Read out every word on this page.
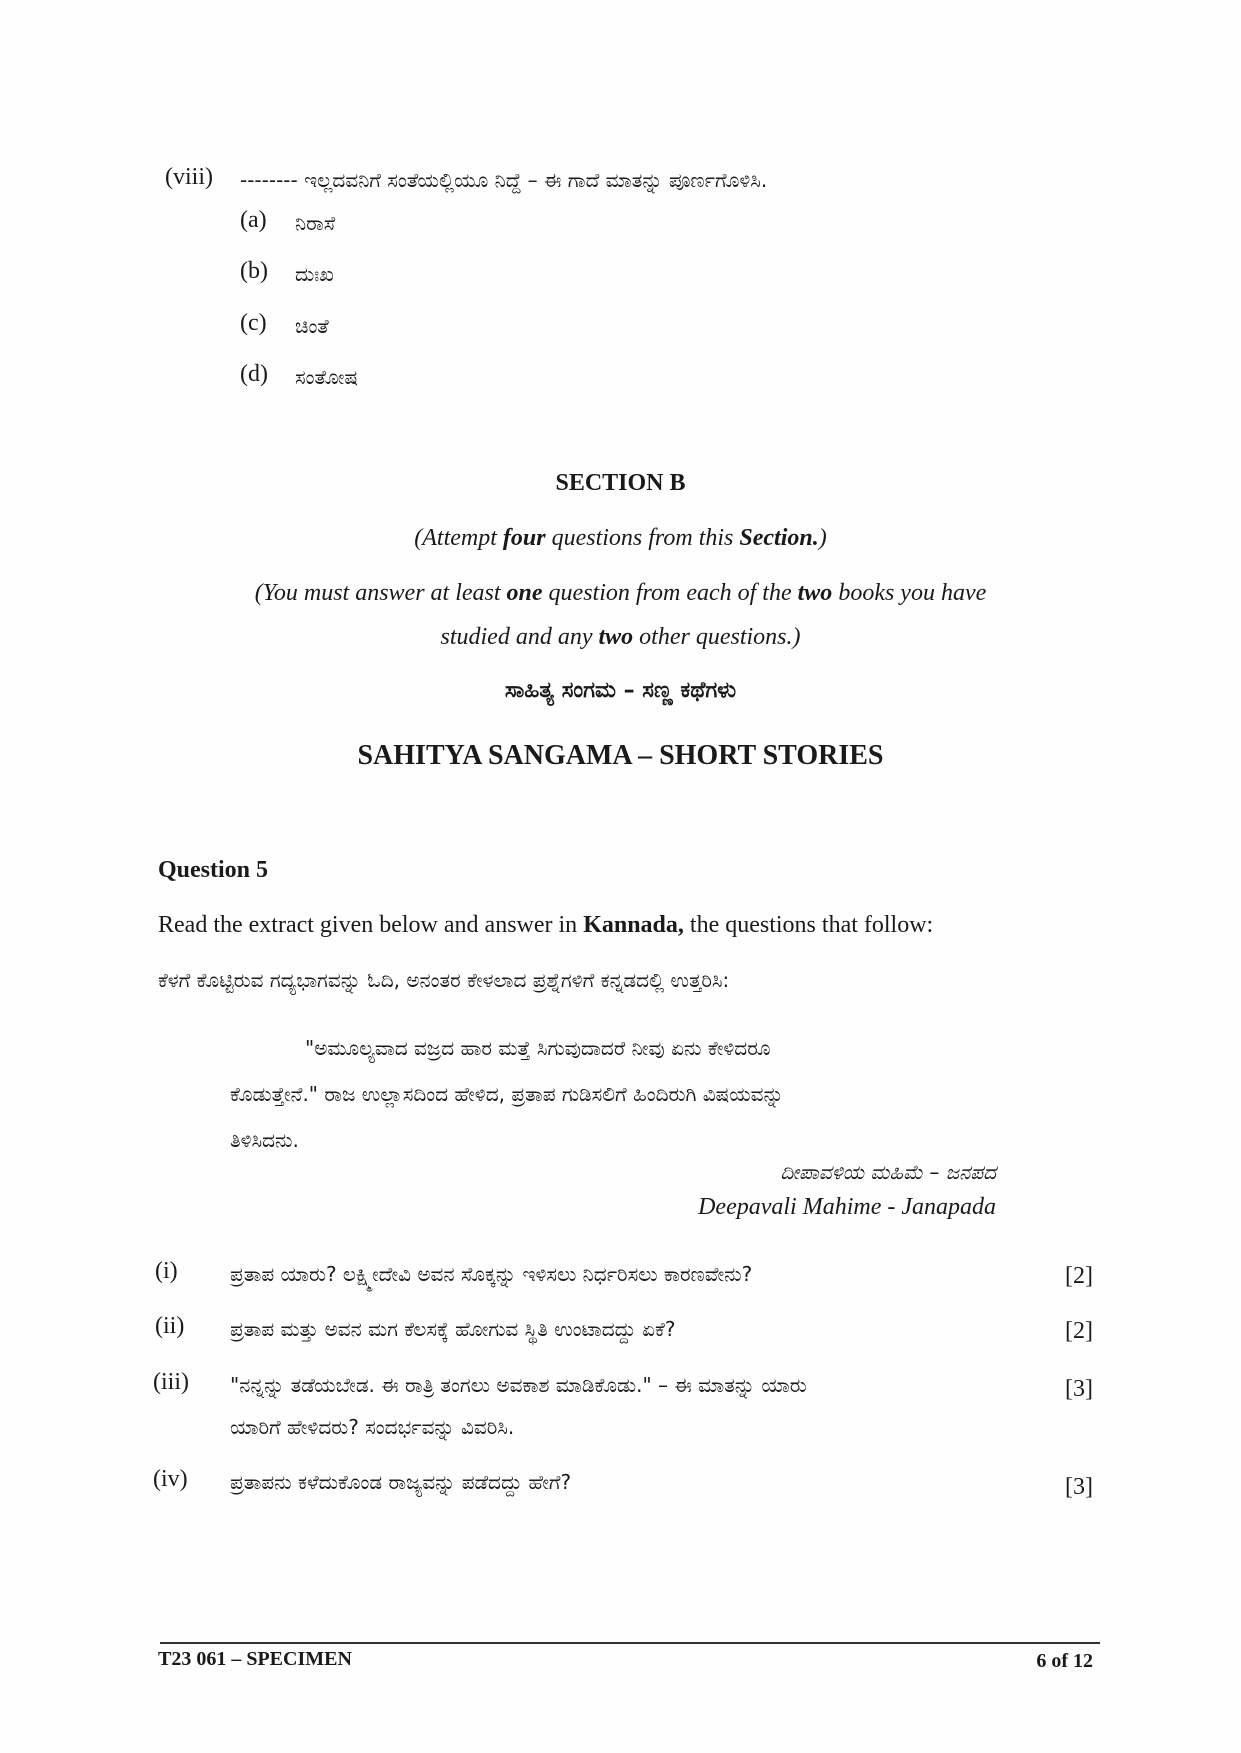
(viii) -------- ಇಲ್ಲದವನಿಗೆ ಸಂತೆಯಲ್ಲಿಯೂ ನಿದ್ದೆ – ಈ ಗಾದೆ ಮಾತನ್ನು ಪೂರ್ಣಗೊಳಿಸಿ.
(a) ನಿರಾಸೆ
(b) ದುಃಖ
(c) ಚಿಂತೆ
(d) ಸಂತೋಷ
SECTION B
(Attempt four questions from this Section.)
(You must answer at least one question from each of the two books you have
studied and any two other questions.)
ಸಾಹಿತ್ಯ ಸಂಗಮ – ಸಣ್ಣ ಕಥೆಗಳು
SAHITYA SANGAMA – SHORT STORIES
Question 5
Read the extract given below and answer in Kannada, the questions that follow:
ಕೆಳಗೆ ಕೊಟ್ಟಿರುವ ಗದ್ಯಭಾಗವನ್ನು ಓದಿ, ಅನಂತರ ಕೇಳಲಾದ ಪ್ರಶ್ನೆಗಳಿಗೆ ಕನ್ನಡದಲ್ಲಿ ಉತ್ತರಿಸಿ:
"ಅಮೂಲ್ಯವಾದ ವಜ್ರದ ಹಾರ ಮತ್ತೆ ಸಿಗುವುದಾದರೆ ನೀವು ಏನು ಕೇಳಿದರೂ
ಕೊಡುತ್ತೇನೆ." ರಾಜ ಉಲ್ಲಾಸದಿಂದ ಹೇಳಿದ, ಪ್ರತಾಪ ಗುಡಿಸಲಿಗೆ ಹಿಂದಿರುಗಿ ವಿಷಯವನ್ನು
ತಿಳಿಸಿದನು.
ದೀಪಾವಳಿಯ ಮಹಿಮೆ – ಜನಪದ
Deepavali Mahime - Janapada
(i)	ಪ್ರತಾಪ ಯಾರು? ಲಕ್ಷ್ಮೀದೇವಿ ಅವನ ಸೊಕ್ಕನ್ನು ಇಳಿಸಲು ನಿರ್ಧರಿಸಲು ಕಾರಣವೇನು?	[2]
(ii) ಪ್ರತಾಪ ಮತ್ತು ಅವನ ಮಗ ಕೆಲಸಕ್ಕೆ ಹೋಗುವ ಸ್ಥಿತಿ ಉಂಟಾದದ್ದು ಏಕೆ?	[2]
(iii) "ನನ್ನನ್ನು ತಡೆಯಬೇಡ. ಈ ರಾತ್ರಿ ತಂಗಲು ಅವಕಾಶ ಮಾಡಿಕೊಡು." – ಈ ಮಾತನ್ನು ಯಾರು
ಯಾರಿಗೆ ಹೇಳಿದರು? ಸಂದರ್ಭವನ್ನು ವಿವರಿಸಿ.
[3]
(iv) ಪ್ರತಾಪನು ಕಳೆದುಕೊಂಡ ರಾಜ್ಯವನ್ನು ಪಡೆದದ್ದು ಹೇಗೆ?	[3]
T23 061 – SPECIMEN	6 of 12
